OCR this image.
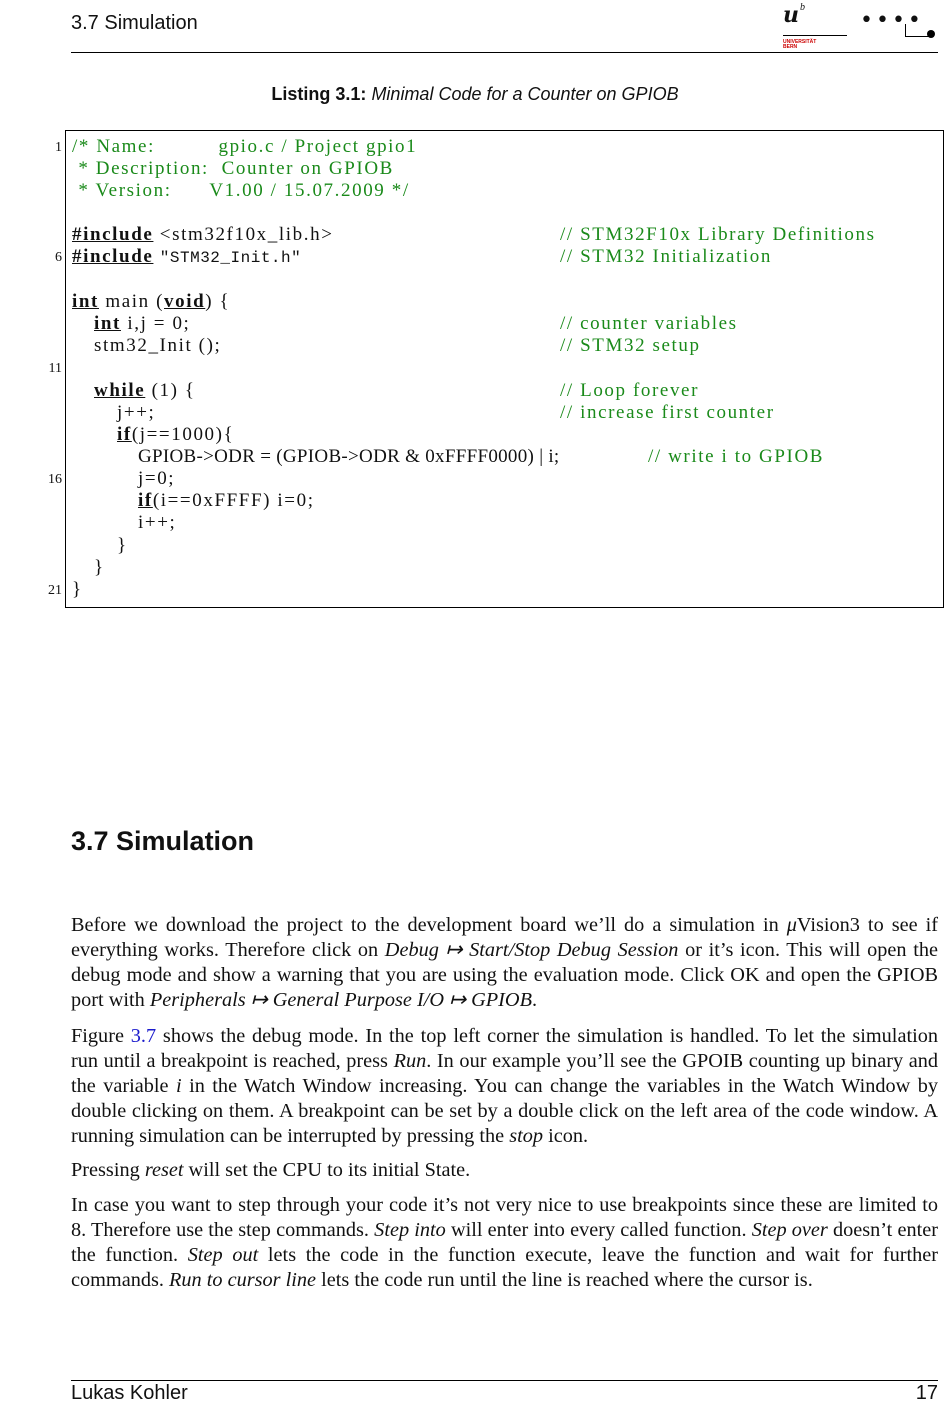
3.7 Simulation	u b
UNIVERSITÄT BERN
••••
Listing 3.1: Minimal Code for a Counter on GPIOB
1
6
11
16
21
/* Name:          gpio.c / Project gpio1
* Description:  Counter on GPIOB
* Version:      V1.00 / 15.07.2009 */
#include <stm32f10x_lib.h>	// STM32F10x Library Definitions
#include "STM32_Init.h"	// STM32 Initialization
int main (void) {
int i,j = 0;	// counter variables
stm32_Init ();	// STM32 setup
while (1) {	// Loop forever
j++;	// increase first counter
if(j==1000){
GPIOB->ODR = (GPIOB->ODR & 0xFFFF0000) | i;	// write i to GPIOB
j=0;
if(i==0xFFFF) i=0;
i++;
}
}
}
3.7 Simulation
Before we download the project to the development board we’ll do a simulation in μVision3 to see if everything works. Therefore click on Debug ↦ Start/Stop Debug Session or it’s icon. This will open the debug mode and show a warning that you are using the evaluation mode. Click OK and open the GPIOB port with Peripherals ↦ General Purpose I/O ↦ GPIOB.
Figure 3.7 shows the debug mode. In the top left corner the simulation is handled. To let the simulation run until a breakpoint is reached, press Run. In our example you’ll see the GPOIB counting up binary and the variable i in the Watch Window increasing. You can change the variables in the Watch Window by double clicking on them. A breakpoint can be set by a double click on the left area of the code window. A running simulation can be interrupted by pressing the stop icon.
Pressing reset will set the CPU to its initial State.
In case you want to step through your code it’s not very nice to use breakpoints since these are limited to 8. Therefore use the step commands. Step into will enter into every called function. Step over doesn’t enter the function. Step out lets the code in the function execute, leave the function and wait for further commands. Run to cursor line lets the code run until the line is reached where the cursor is.
Lukas Kohler	17
